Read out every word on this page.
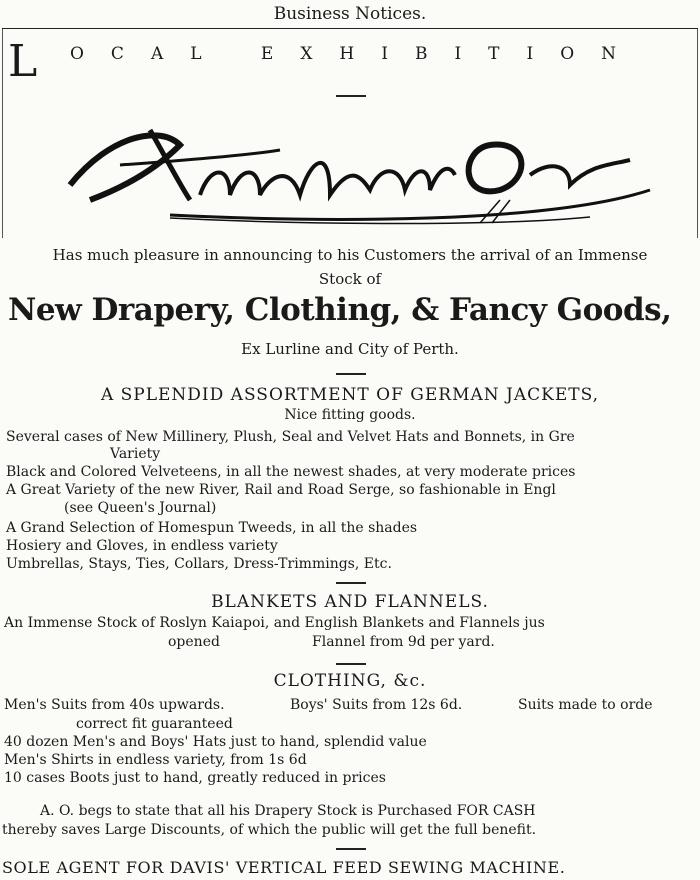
Business Notices.
L OCAL EXHIBITION
Has much pleasure in announcing to his Customers the arrival of an Immense
Stock of
New Drapery, Clothing, & Fancy Goods,
Ex Lurline and City of Perth.
A SPLENDID ASSORTMENT OF GERMAN JACKETS,
Nice fitting goods.
Several cases of New Millinery, Plush, Seal and Velvet Hats and Bonnets, in Gre
Variety
Black and Colored Velveteens, in all the newest shades, at very moderate prices
A Great Variety of the new River, Rail and Road Serge, so fashionable in Engl
(see Queen's Journal)
A Grand Selection of Homespun Tweeds, in all the shades
Hosiery and Gloves, in endless variety
Umbrellas, Stays, Ties, Collars, Dress-Trimmings, Etc.
BLANKETS AND FLANNELS.
An Immense Stock of Roslyn Kaiapoi, and English Blankets and Flannels jus
opened	Flannel from 9d per yard.
CLOTHING, &c.
Men's Suits from 40s upwards.	Boys' Suits from 12s 6d.	Suits made to orde
correct fit guaranteed
40 dozen Men's and Boys' Hats just to hand, splendid value
Men's Shirts in endless variety, from 1s 6d
10 cases Boots just to hand, greatly reduced in prices
A. O. begs to state that all his Drapery Stock is Purchased FOR CASH
thereby saves Large Discounts, of which the public will get the full benefit.
SOLE AGENT FOR DAVIS' VERTICAL FEED SEWING MACHINE.
